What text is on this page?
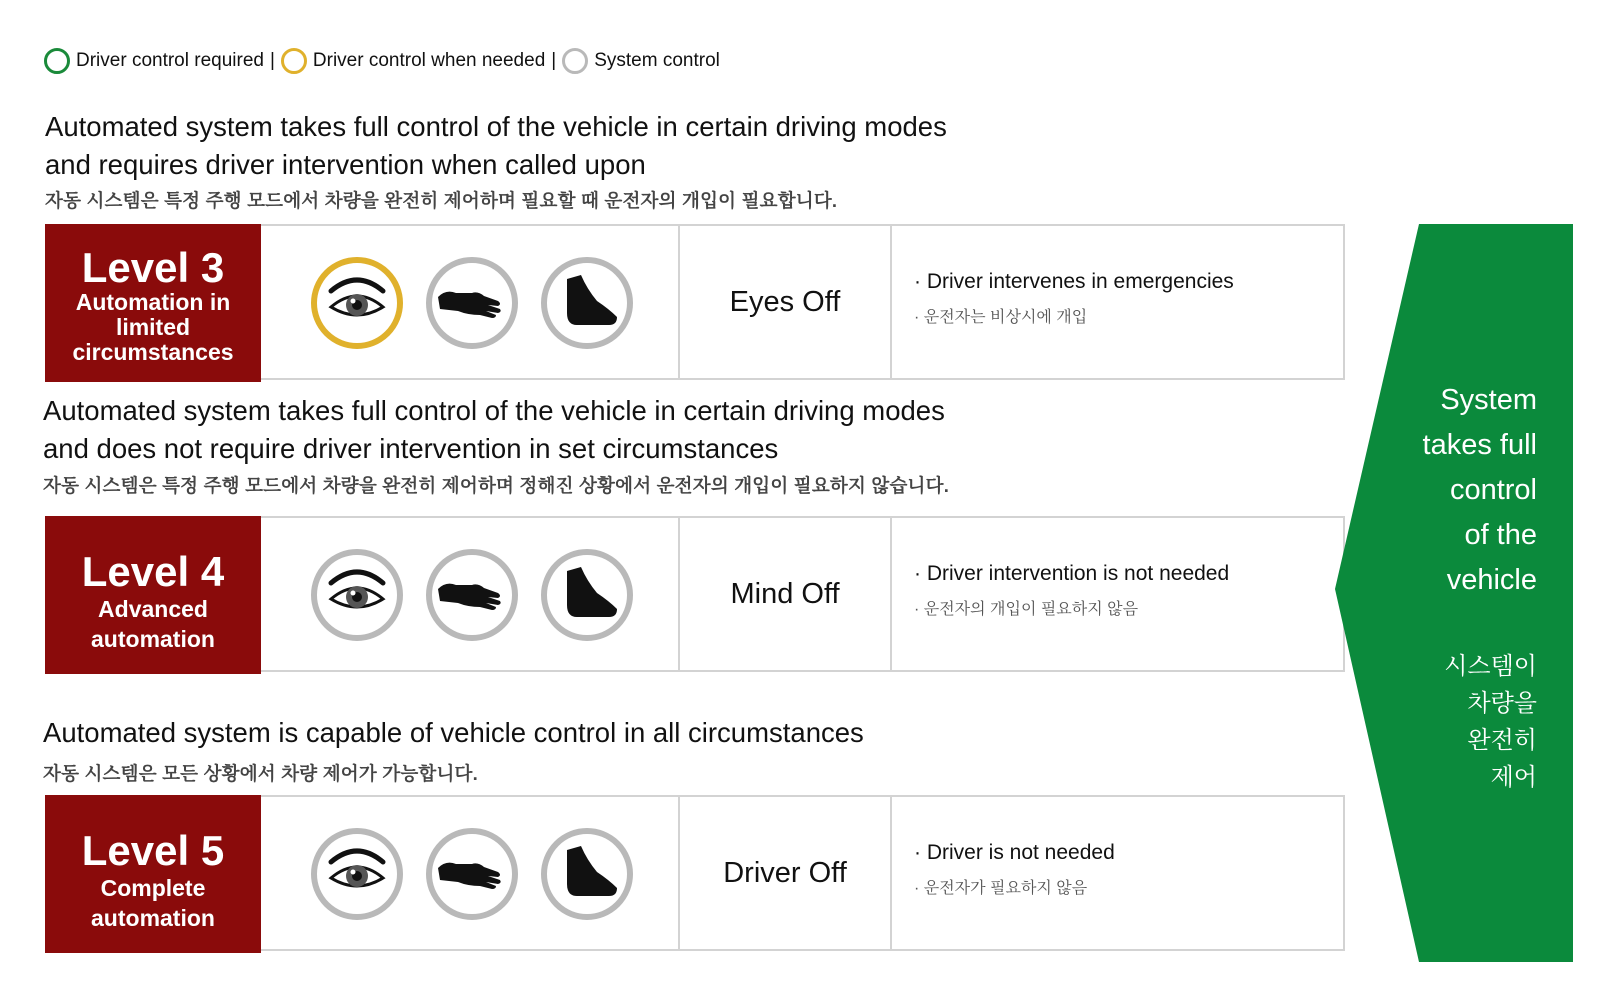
Driver control required | Driver control when needed | System control
Automated system takes full control of the vehicle in certain driving modes
and requires driver intervention when called upon
자동 시스템은 특정 주행 모드에서 차량을 완전히 제어하며 필요할 때 운전자의 개입이 필요합니다.
Level 3
Automation in
limited
circumstances
Eyes Off
· Driver intervenes in emergencies
· 운전자는 비상시에 개입
Automated system takes full control of the vehicle in certain driving modes
and does not require driver intervention in set circumstances
자동 시스템은 특정 주행 모드에서 차량을 완전히 제어하며 정해진 상황에서 운전자의 개입이 필요하지 않습니다.
Level 4
Advanced
automation
Mind Off
· Driver intervention is not needed
· 운전자의 개입이 필요하지 않음
Automated system is capable of vehicle control in all circumstances
자동 시스템은 모든 상황에서 차량 제어가 가능합니다.
Level 5
Complete
automation
Driver Off
· Driver is not needed
· 운전자가 필요하지 않음
System
takes full
control
of the
vehicle
시스템이
차량을
완전히
제어
